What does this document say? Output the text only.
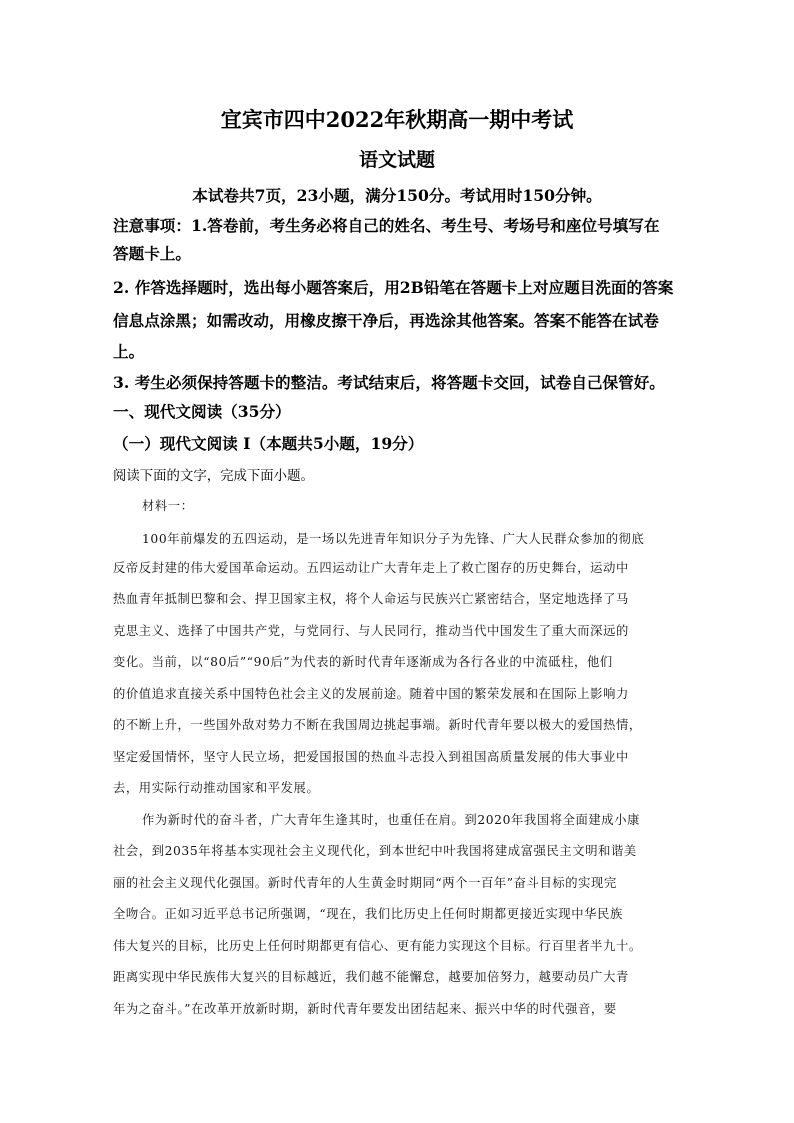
宜宾市四中2022年秋期高一期中考试
语文试题
本试卷共7页，23小题，满分150分。考试用时150分钟。
注意事项：1.答卷前，考生务必将自己的姓名、考生号、考场号和座位号填写在
答题卡上。
2. 作答选择题时，选出每小题答案后，用2B铅笔在答题卡上对应题目洗面的答案
信息点涂黑；如需改动，用橡皮擦干净后，再选涂其他答案。答案不能答在试卷
上。
3. 考生必须保持答题卡的整洁。考试结束后，将答题卡交回，试卷自己保管好。
一、现代文阅读（35分）
（一）现代文阅读 Ⅰ（本题共5小题，19分）
阅读下面的文字，完成下面小题。
材料一：
100年前爆发的五四运动，是一场以先进青年知识分子为先锋、广大人民群众参加的彻底
反帝反封建的伟大爱国革命运动。五四运动让广大青年走上了救亡图存的历史舞台，运动中
热血青年抵制巴黎和会、捍卫国家主权，将个人命运与民族兴亡紧密结合，坚定地选择了马
克思主义、选择了中国共产党，与党同行、与人民同行，推动当代中国发生了重大而深远的
变化。当前，以“80后”“90后”为代表的新时代青年逐渐成为各行各业的中流砥柱，他们
的价值追求直接关系中国特色社会主义的发展前途。随着中国的繁荣发展和在国际上影响力
的不断上升，一些国外敌对势力不断在我国周边挑起事端。新时代青年要以极大的爱国热情，
坚定爱国情怀，坚守人民立场，把爱国报国的热血斗志投入到祖国高质量发展的伟大事业中
去，用实际行动推动国家和平发展。
作为新时代的奋斗者，广大青年生逢其时，也重任在肩。到2020年我国将全面建成小康
社会，到2035年将基本实现社会主义现代化，到本世纪中叶我国将建成富强民主文明和谐美
丽的社会主义现代化强国。新时代青年的人生黄金时期同“两个一百年”奋斗目标的实现完
全吻合。正如习近平总书记所强调，“现在，我们比历史上任何时期都更接近实现中华民族
伟大复兴的目标，比历史上任何时期都更有信心、更有能力实现这个目标。行百里者半九十。
距离实现中华民族伟大复兴的目标越近，我们越不能懈怠，越要加倍努力，越要动员广大青
年为之奋斗。”在改革开放新时期，新时代青年要发出团结起来、振兴中华的时代强音，要
